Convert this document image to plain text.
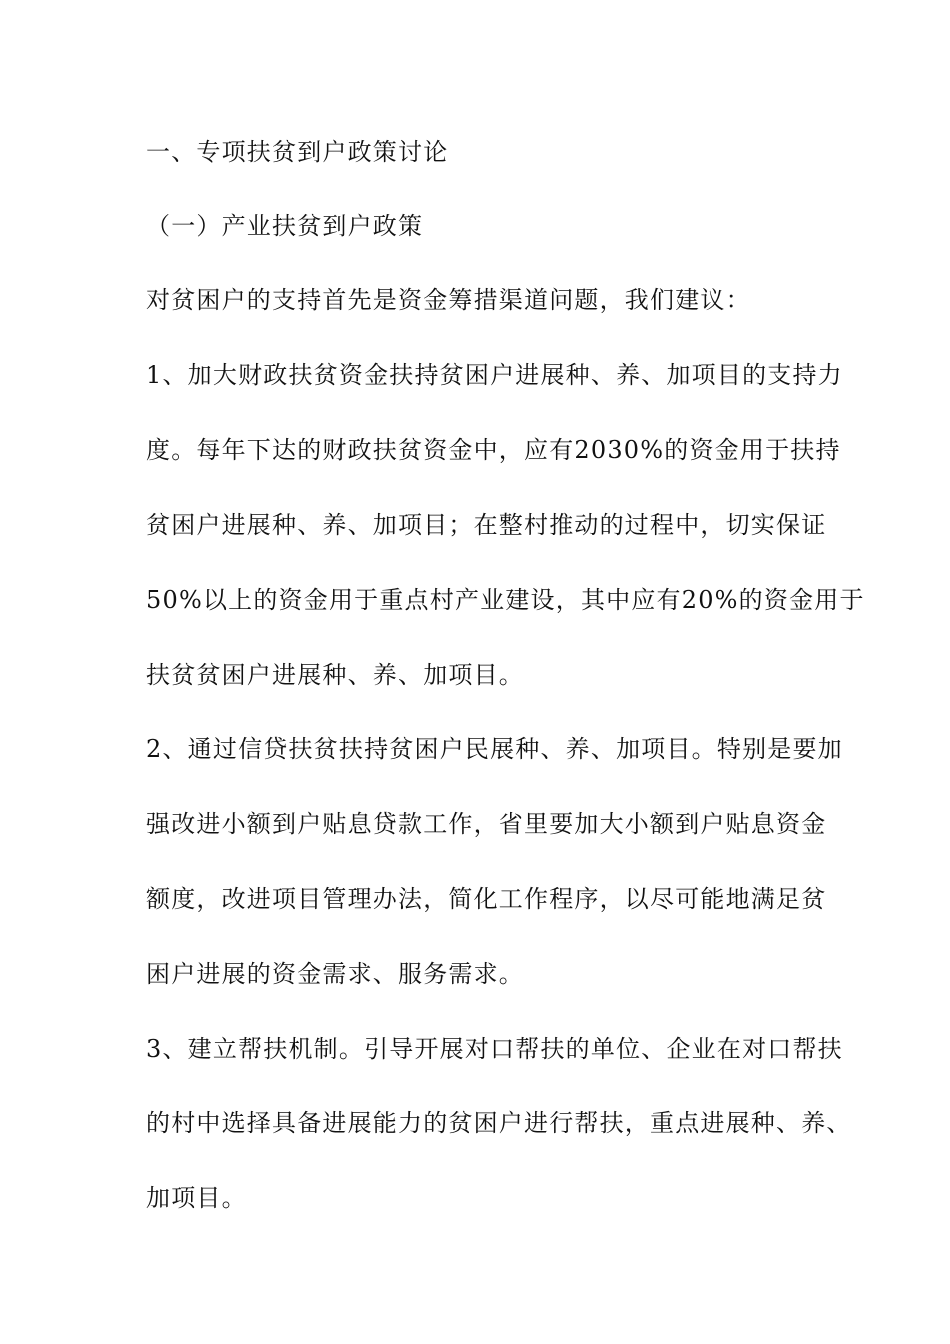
一、专项扶贫到户政策讨论
（一）产业扶贫到户政策
对贫困户的支持首先是资金筹措渠道问题，我们建议：
1、加大财政扶贫资金扶持贫困户进展种、养、加项目的支持力
度。每年下达的财政扶贫资金中，应有2030%的资金用于扶持
贫困户进展种、养、加项目；在整村推动的过程中，切实保证
50%以上的资金用于重点村产业建设，其中应有20%的资金用于
扶贫贫困户进展种、养、加项目。
2、通过信贷扶贫扶持贫困户民展种、养、加项目。特别是要加
强改进小额到户贴息贷款工作，省里要加大小额到户贴息资金
额度，改进项目管理办法，简化工作程序，以尽可能地满足贫
困户进展的资金需求、服务需求。
3、建立帮扶机制。引导开展对口帮扶的单位、企业在对口帮扶
的村中选择具备进展能力的贫困户进行帮扶，重点进展种、养、
加项目。
